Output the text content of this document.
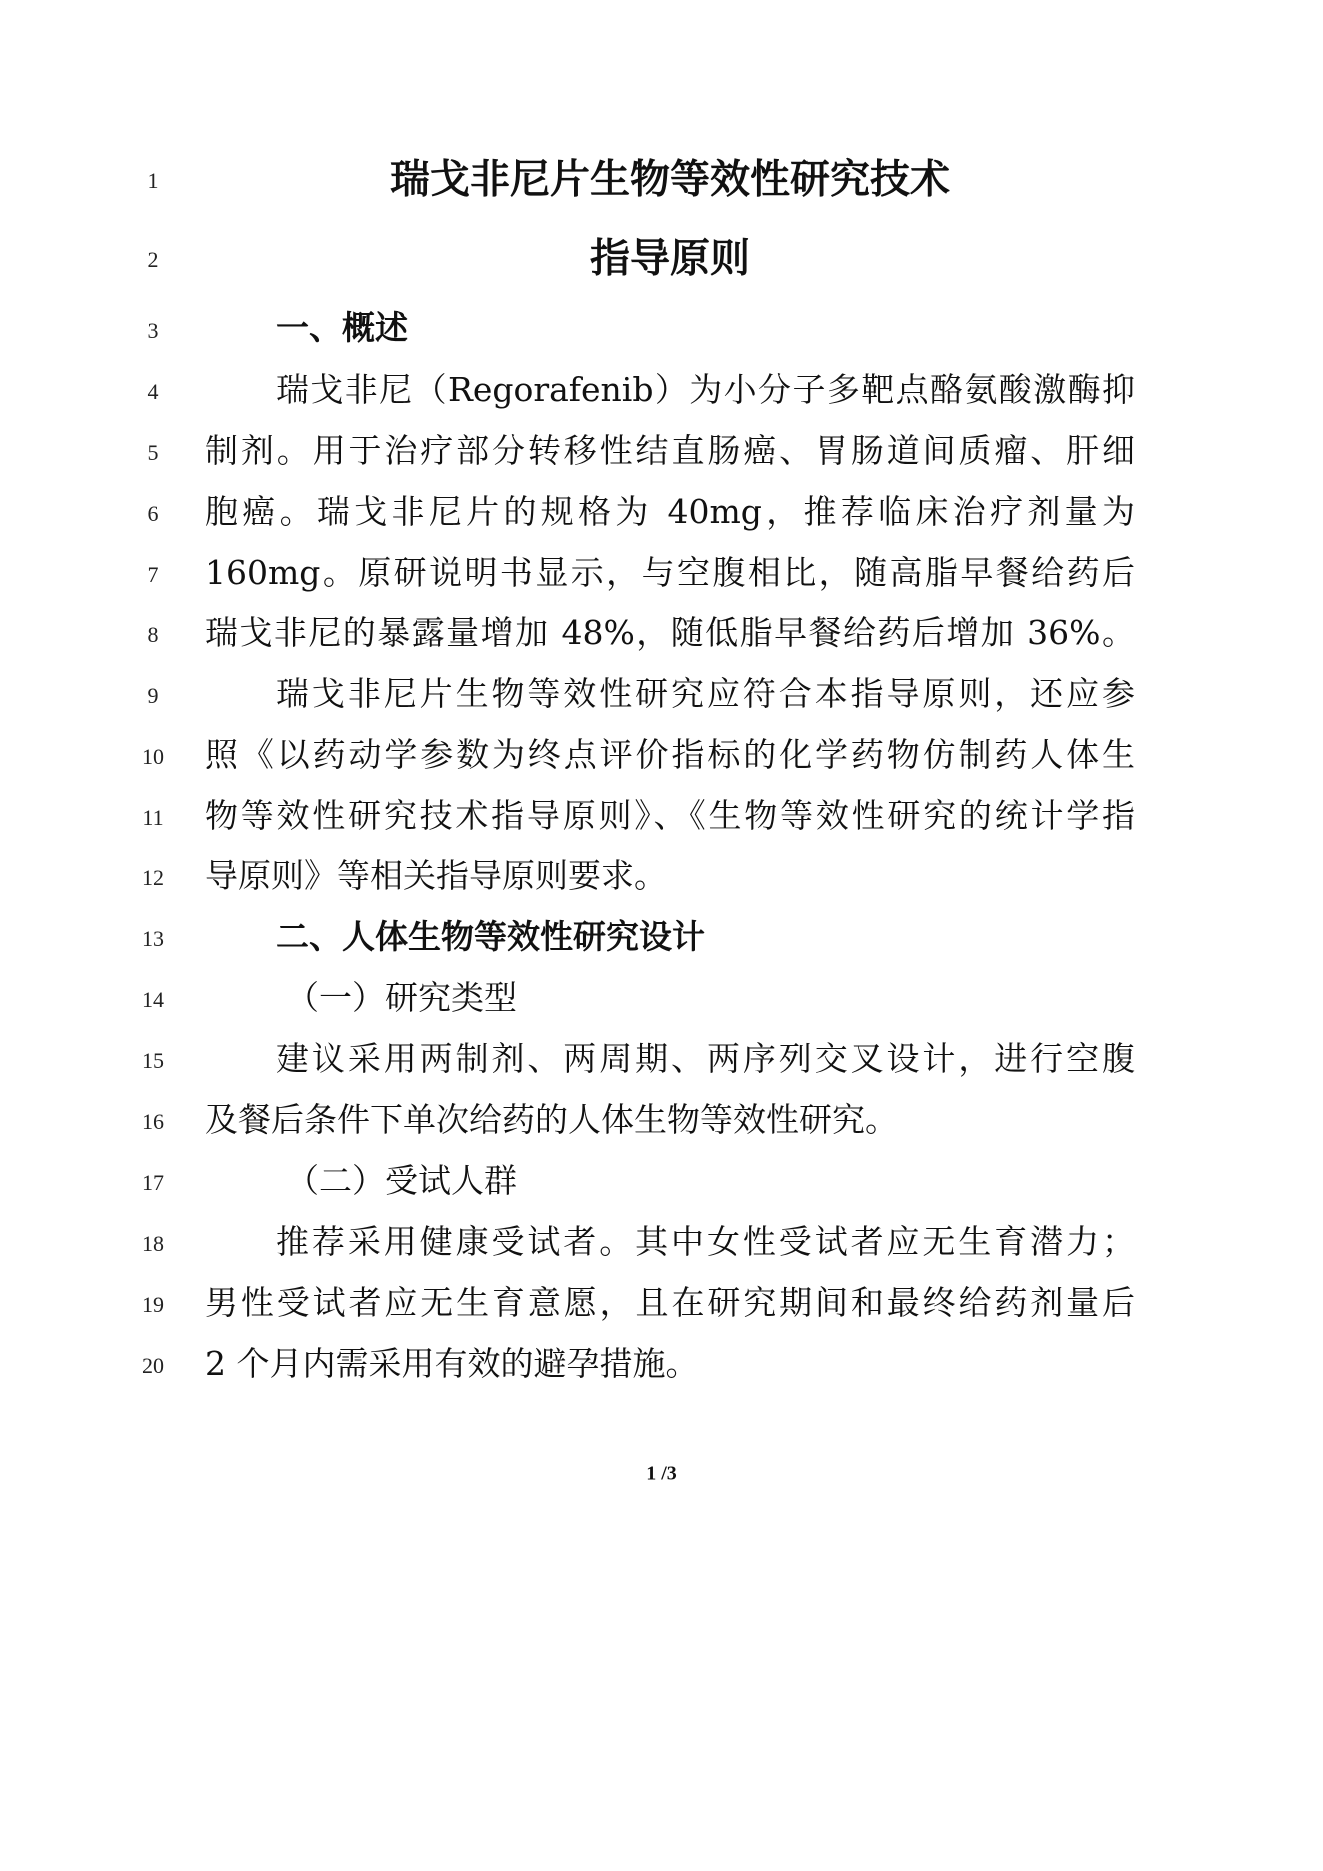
1
2
3
4
5
6
7
8
9
10
11
12
13
14
15
16
17
18
19
20
瑞戈非尼片生物等效性研究技术
指导原则
一、概述
瑞戈非尼（Regorafenib）为小分子多靶点酪氨酸激酶抑
制剂。用于治疗部分转移性结直肠癌、胃肠道间质瘤、肝细
胞癌。瑞戈非尼片的规格为 40mg，推荐临床治疗剂量为
160mg。原研说明书显示，与空腹相比，随高脂早餐给药后
瑞戈非尼的暴露量增加 48%，随低脂早餐给药后增加 36%。
瑞戈非尼片生物等效性研究应符合本指导原则，还应参
照《以药动学参数为终点评价指标的化学药物仿制药人体生
物等效性研究技术指导原则》、《生物等效性研究的统计学指
导原则》等相关指导原则要求。
二、人体生物等效性研究设计
（一）研究类型
建议采用两制剂、两周期、两序列交叉设计，进行空腹
及餐后条件下单次给药的人体生物等效性研究。
（二）受试人群
推荐采用健康受试者。其中女性受试者应无生育潜力；
男性受试者应无生育意愿，且在研究期间和最终给药剂量后
2 个月内需采用有效的避孕措施。
1 /3
